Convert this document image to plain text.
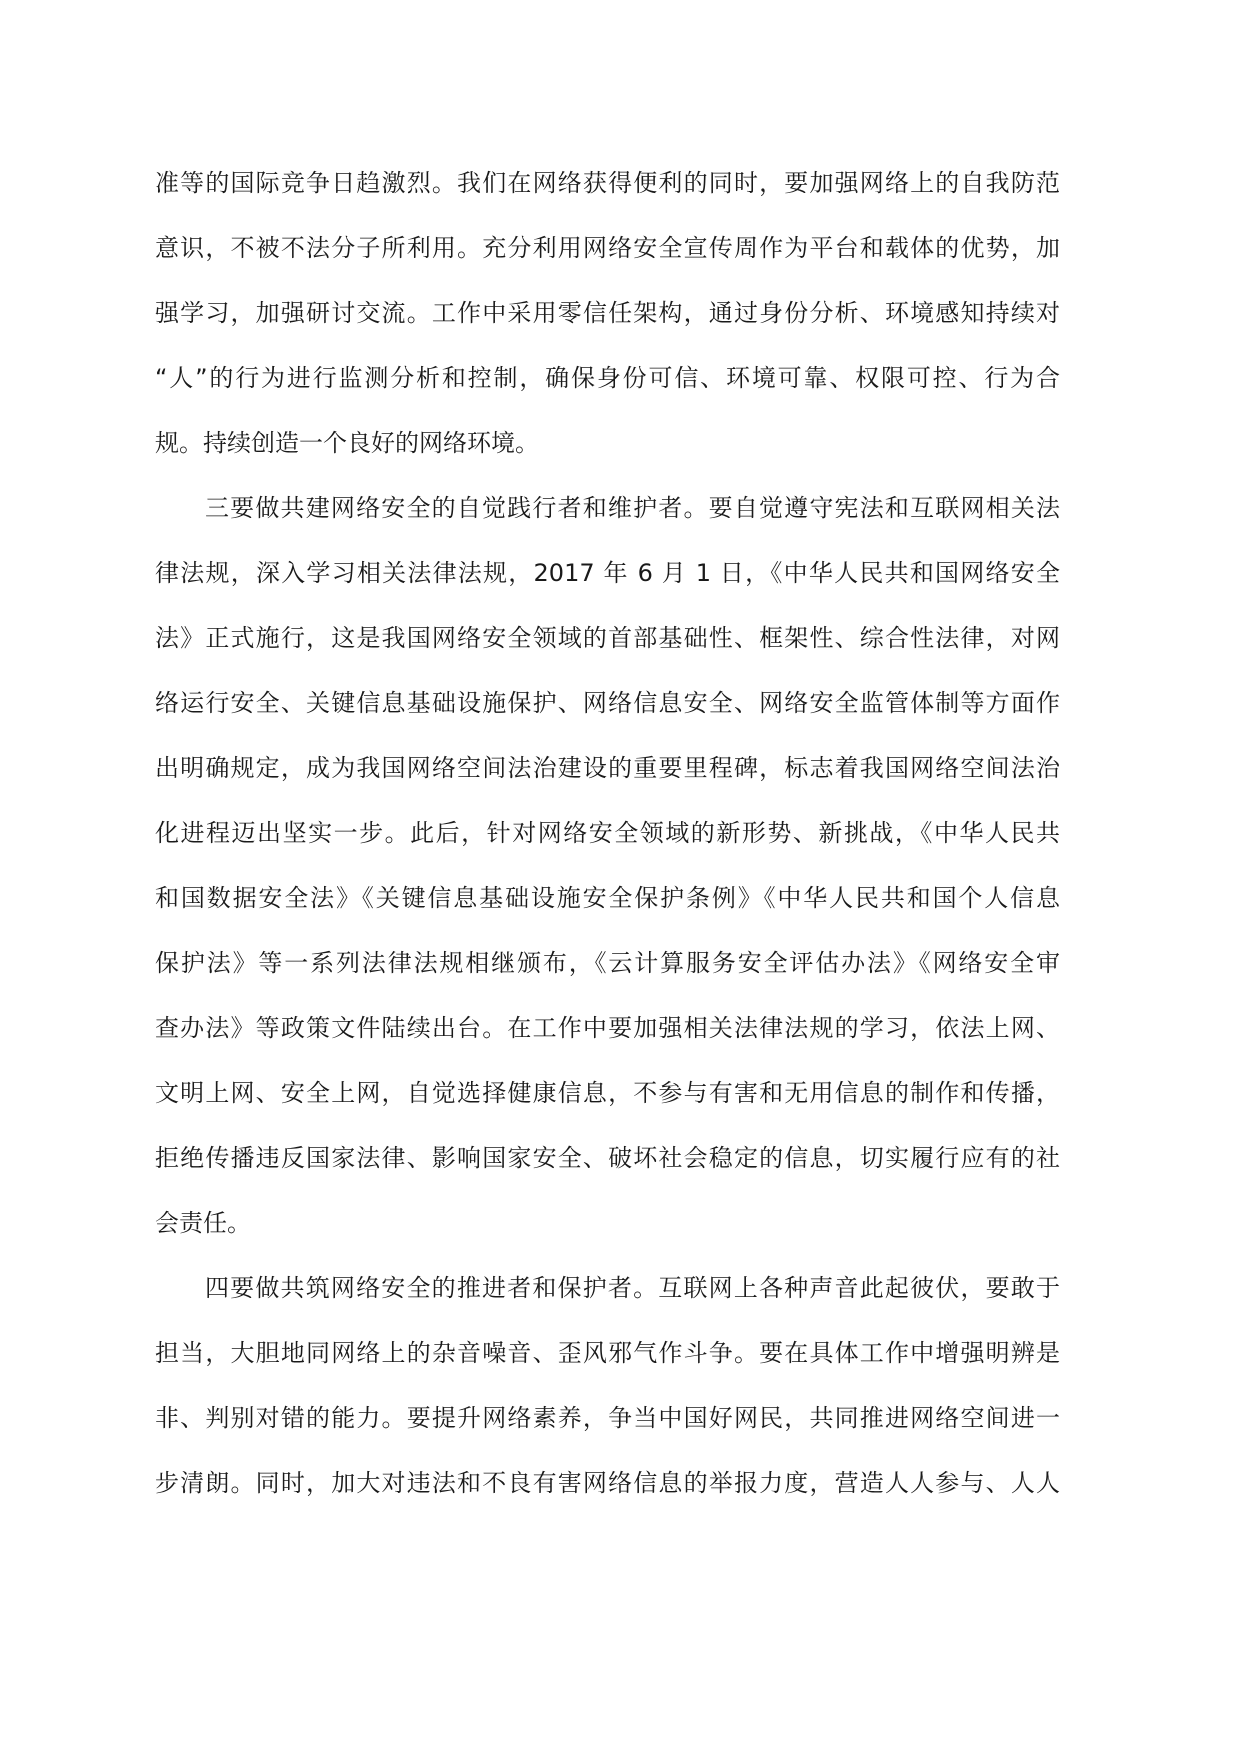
准等的国际竞争日趋激烈。我们在网络获得便利的同时，要加强网络上的自我防范
意识，不被不法分子所利用。充分利用网络安全宣传周作为平台和载体的优势，加
强学习，加强研讨交流。工作中采用零信任架构，通过身份分析、环境感知持续对
“人”的行为进行监测分析和控制，确保身份可信、环境可靠、权限可控、行为合
规。持续创造一个良好的网络环境。
三要做共建网络安全的自觉践行者和维护者。要自觉遵守宪法和互联网相关法
律法规，深入学习相关法律法规，2017 年 6 月 1 日，《中华人民共和国网络安全
法》正式施行，这是我国网络安全领域的首部基础性、框架性、综合性法律，对网
络运行安全、关键信息基础设施保护、网络信息安全、网络安全监管体制等方面作
出明确规定，成为我国网络空间法治建设的重要里程碑，标志着我国网络空间法治
化进程迈出坚实一步。此后，针对网络安全领域的新形势、新挑战，《中华人民共
和国数据安全法》《关键信息基础设施安全保护条例》《中华人民共和国个人信息
保护法》等一系列法律法规相继颁布，《云计算服务安全评估办法》《网络安全审
查办法》等政策文件陆续出台。在工作中要加强相关法律法规的学习，依法上网、
文明上网、安全上网，自觉选择健康信息，不参与有害和无用信息的制作和传播，
拒绝传播违反国家法律、影响国家安全、破坏社会稳定的信息，切实履行应有的社
会责任。
四要做共筑网络安全的推进者和保护者。互联网上各种声音此起彼伏，要敢于
担当，大胆地同网络上的杂音噪音、歪风邪气作斗争。要在具体工作中增强明辨是
非、判别对错的能力。要提升网络素养，争当中国好网民，共同推进网络空间进一
步清朗。同时，加大对违法和不良有害网络信息的举报力度，营造人人参与、人人
